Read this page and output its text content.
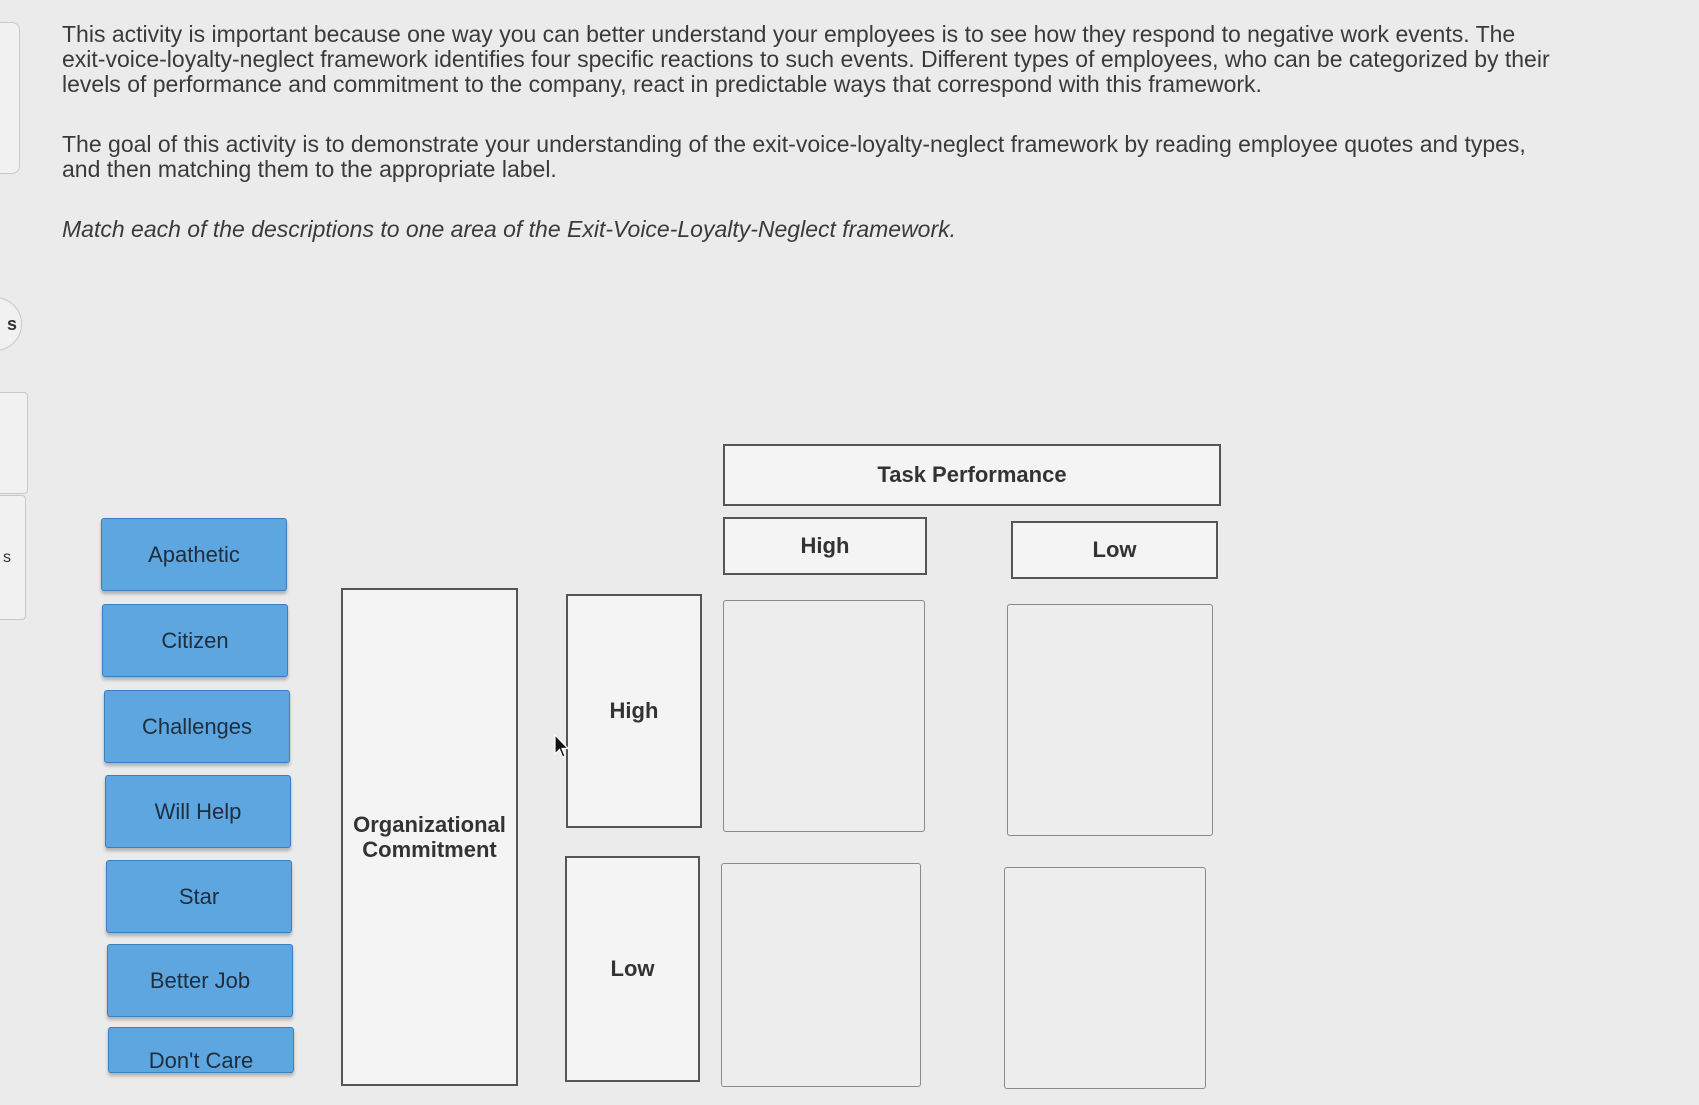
s
s

This activity is important because one way you can better understand your employees is to see how they respond to negative work events. The exit-voice-loyalty-neglect framework identifies four specific reactions to such events. Different types of employees, who can be categorized by their levels of performance and commitment to the company, react in predictable ways that correspond with this framework.

The goal of this activity is to demonstrate your understanding of the exit-voice-loyalty-neglect framework by reading employee quotes and types, and then matching them to the appropriate label.

Match each of the descriptions to one area of the Exit-Voice-Loyalty-Neglect framework.

Apathetic
Citizen
Challenges
Will Help
Star
Better Job
Don't Care
Task Performance
High	Low
Organizational Commitment
High
Low
